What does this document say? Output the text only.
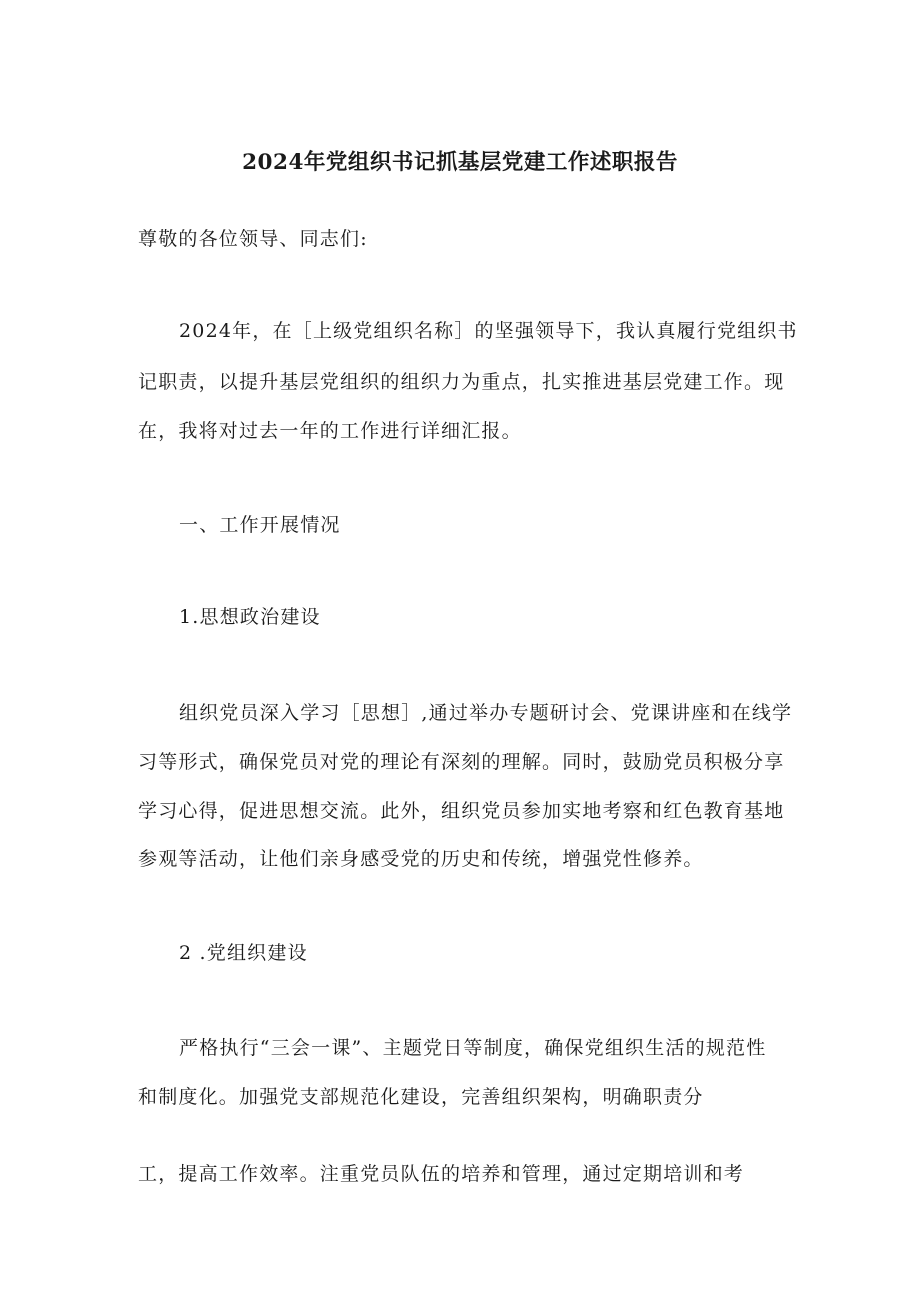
2024年党组织书记抓基层党建工作述职报告
尊敬的各位领导、同志们:
2024年，在［上级党组织名称］的坚强领导下，我认真履行党组织书
记职责，以提升基层党组织的组织力为重点，扎实推进基层党建工作。现
在，我将对过去一年的工作进行详细汇报。
一、工作开展情况
1.思想政治建设
组织党员深入学习［思想］,通过举办专题研讨会、党课讲座和在线学
习等形式，确保党员对党的理论有深刻的理解。同时，鼓励党员积极分享
学习心得，促进思想交流。此外，组织党员参加实地考察和红色教育基地
参观等活动，让他们亲身感受党的历史和传统，增强党性修养。
2 .党组织建设
严格执行“三会一课”、主题党日等制度，确保党组织生活的规范性
和制度化。加强党支部规范化建设，完善组织架构，明确职责分
工，提高工作效率。注重党员队伍的培养和管理，通过定期培训和考
